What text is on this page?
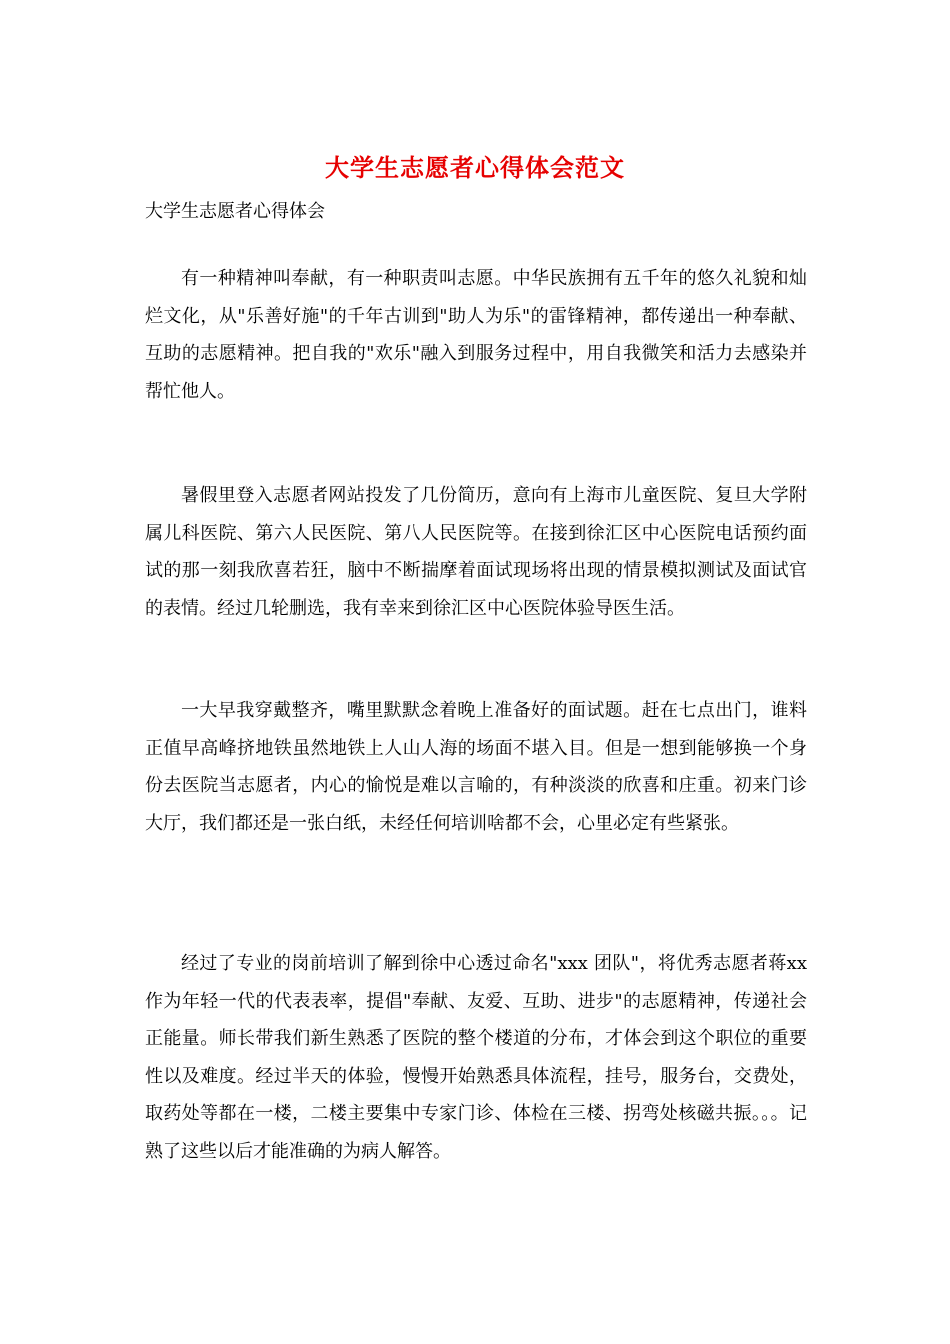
大学生志愿者心得体会范文
大学生志愿者心得体会

有一种精神叫奉献，有一种职责叫志愿。中华民族拥有五千年的悠久礼貌和灿烂文化，从"乐善好施"的千年古训到"助人为乐"的雷锋精神，都传递出一种奉献、互助的志愿精神。把自我的"欢乐"融入到服务过程中，用自我微笑和活力去感染并帮忙他人。

暑假里登入志愿者网站投发了几份简历，意向有上海市儿童医院、复旦大学附属儿科医院、第六人民医院、第八人民医院等。在接到徐汇区中心医院电话预约面试的那一刻我欣喜若狂，脑中不断揣摩着面试现场将出现的情景模拟测试及面试官的表情。经过几轮删选，我有幸来到徐汇区中心医院体验导医生活。

一大早我穿戴整齐，嘴里默默念着晚上准备好的面试题。赶在七点出门，谁料正值早高峰挤地铁虽然地铁上人山人海的场面不堪入目。但是一想到能够换一个身份去医院当志愿者，内心的愉悦是难以言喻的，有种淡淡的欣喜和庄重。初来门诊大厅，我们都还是一张白纸，未经任何培训啥都不会，心里必定有些紧张。

经过了专业的岗前培训了解到徐中心透过命名"xxx 团队"，将优秀志愿者蒋xx 作为年轻一代的代表表率，提倡"奉献、友爱、互助、进步"的志愿精神，传递社会正能量。师长带我们新生熟悉了医院的整个楼道的分布，才体会到这个职位的重要性以及难度。经过半天的体验，慢慢开始熟悉具体流程，挂号，服务台，交费处，取药处等都在一楼，二楼主要集中专家门诊、体检在三楼、拐弯处核磁共振。。。记熟了这些以后才能准确的为病人解答。
